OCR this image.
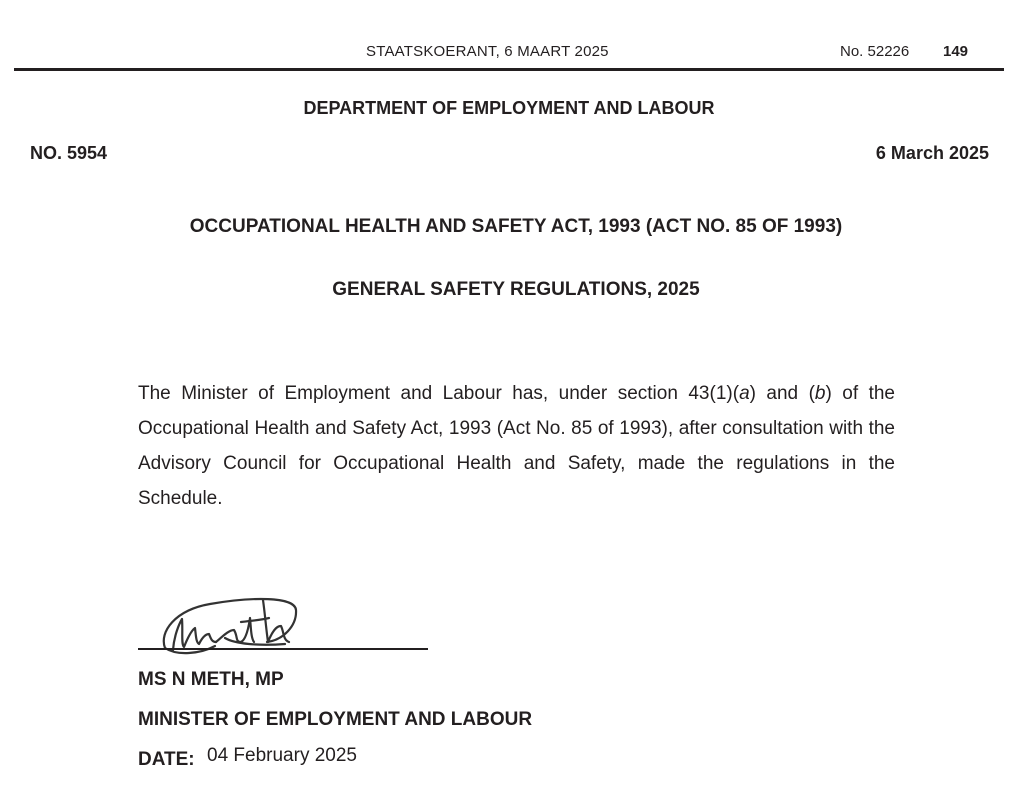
STAATSKOERANT, 6 MAART 2025	No. 52226 149
DEPARTMENT OF EMPLOYMENT AND LABOUR
NO. 5954	6 March 2025
OCCUPATIONAL HEALTH AND SAFETY ACT, 1993 (ACT NO. 85 OF 1993)
GENERAL SAFETY REGULATIONS, 2025
The Minister of Employment and Labour has, under section 43(1)(a) and (b) of the Occupational Health and Safety Act, 1993 (Act No. 85 of 1993), after consultation with the Advisory Council for Occupational Health and Safety, made the regulations in the Schedule.
MS N METH, MP
MINISTER OF EMPLOYMENT AND LABOUR
DATE: 04 February 2025
